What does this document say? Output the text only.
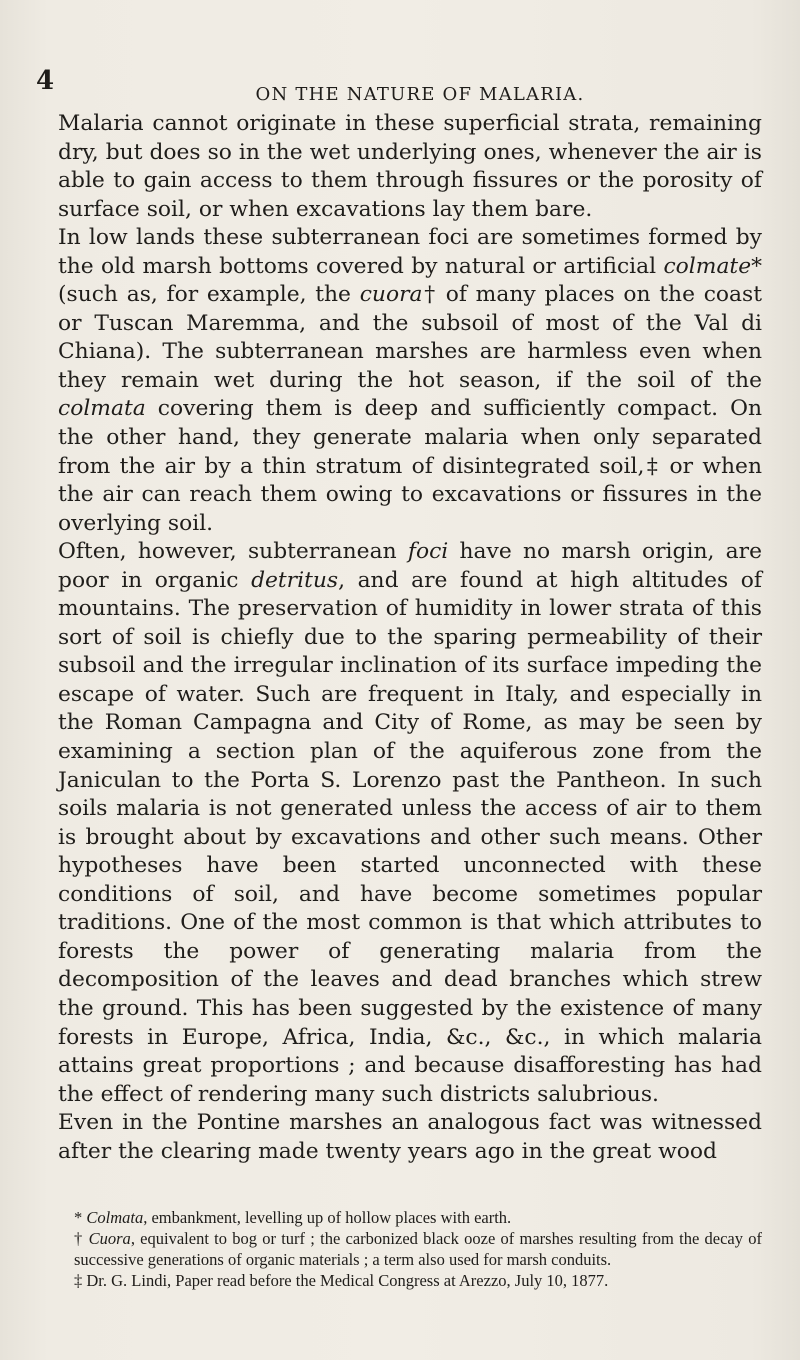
4	ON THE NATURE OF MALARIA.

Malaria cannot originate in these superficial strata, remaining dry, but does so in the wet underlying ones, whenever the air is able to gain access to them through fissures or the porosity of surface soil, or when excavations lay them bare.

In low lands these subterranean foci are sometimes formed by the old marsh bottoms covered by natural or artificial colmate* (such as, for example, the cuora† of many places on the coast or Tuscan Maremma, and the subsoil of most of the Val di Chiana). The subterranean marshes are harmless even when they remain wet during the hot season, if the soil of the colmata covering them is deep and sufficiently compact. On the other hand, they generate malaria when only separated from the air by a thin stratum of disintegrated soil,‡ or when the air can reach them owing to excavations or fissures in the overlying soil.

Often, however, subterranean foci have no marsh origin, are poor in organic detritus, and are found at high altitudes of mountains. The preservation of humidity in lower strata of this sort of soil is chiefly due to the sparing permeability of their subsoil and the irregular inclination of its surface impeding the escape of water. Such are frequent in Italy, and especially in the Roman Campagna and City of Rome, as may be seen by examining a section plan of the aquiferous zone from the Janiculan to the Porta S. Lorenzo past the Pantheon. In such soils malaria is not generated unless the access of air to them is brought about by excavations and other such means. Other hypotheses have been started unconnected with these conditions of soil, and have become sometimes popular traditions. One of the most common is that which attributes to forests the power of generating malaria from the decomposition of the leaves and dead branches which strew the ground. This has been suggested by the existence of many forests in Europe, Africa, India, &c., &c., in which malaria attains great proportions ; and because disafforesting has had the effect of rendering many such districts salubrious.

Even in the Pontine marshes an analogous fact was witnessed after the clearing made twenty years ago in the great wood

* Colmata, embankment, levelling up of hollow places with earth.

† Cuora, equivalent to bog or turf ; the carbonized black ooze of marshes resulting from the decay of successive generations of organic materials ; a term also used for marsh conduits.

‡ Dr. G. Lindi, Paper read before the Medical Congress at Arezzo, July 10, 1877.
